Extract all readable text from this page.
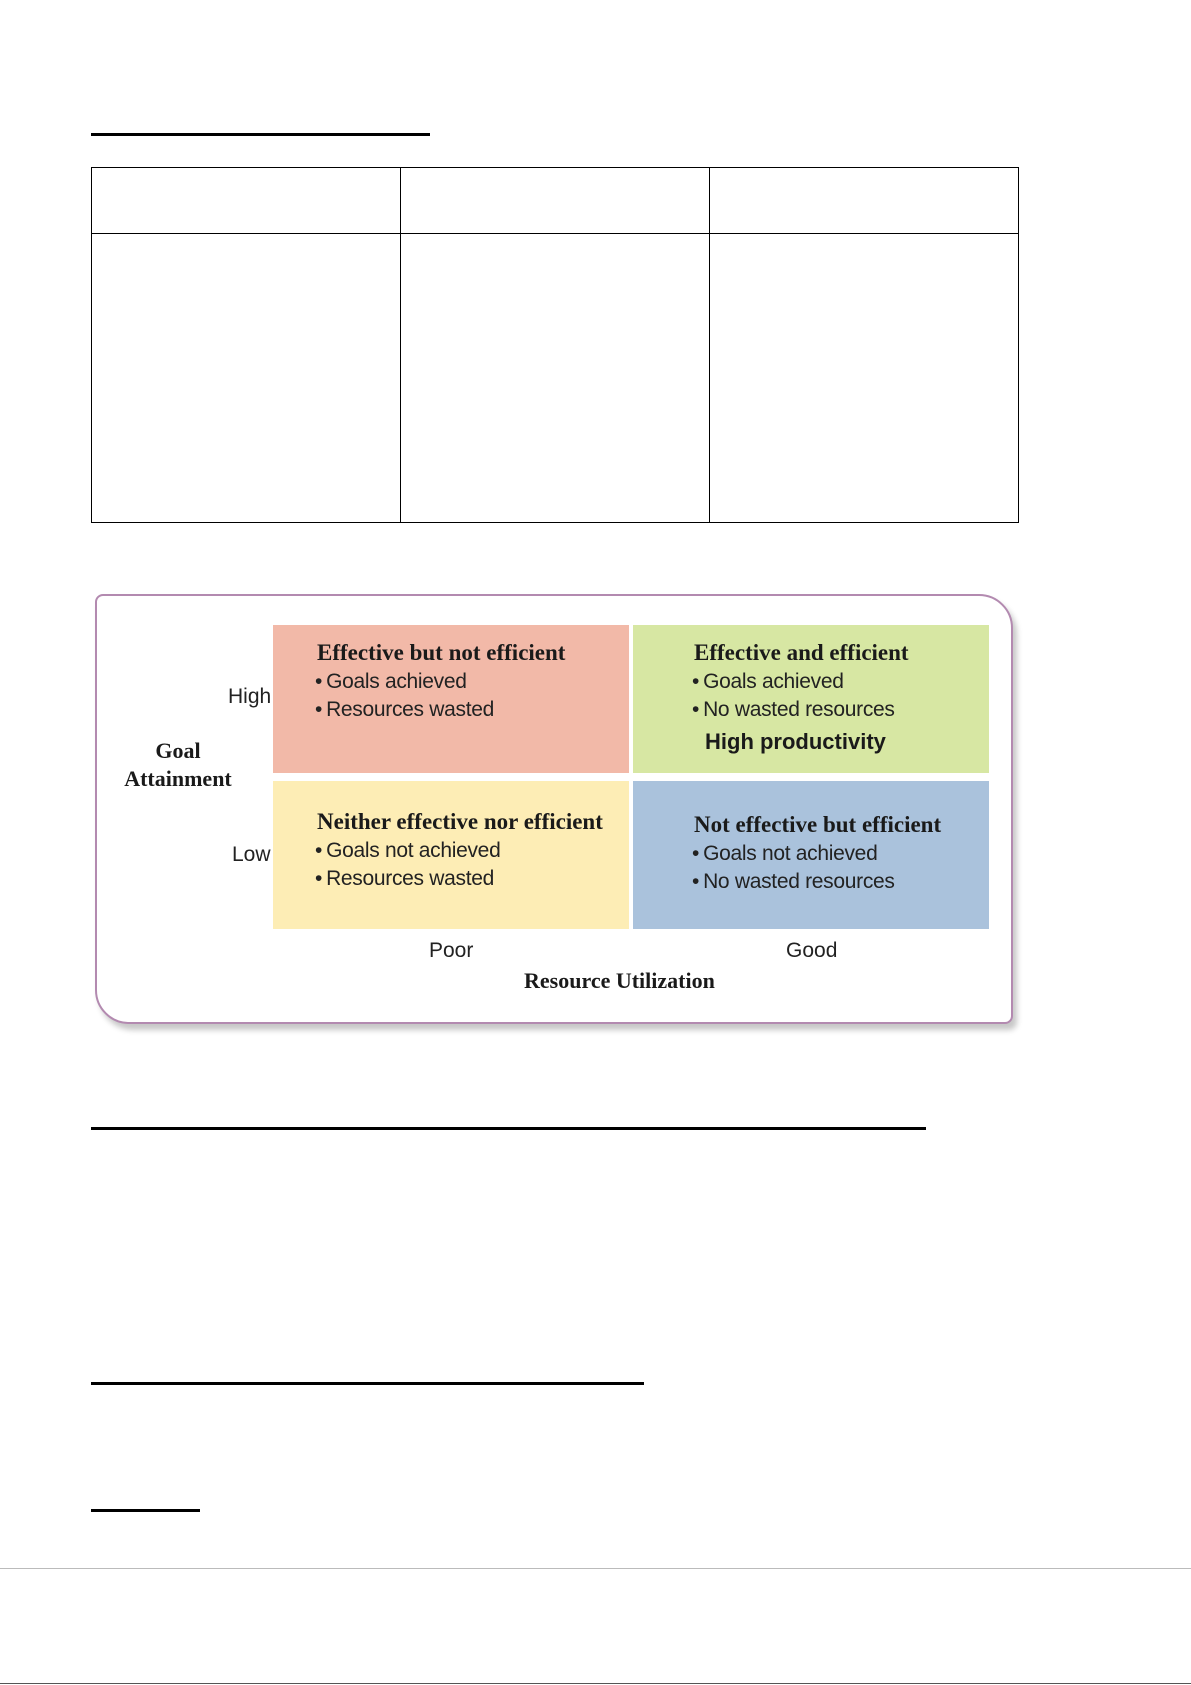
Effective but not efficient
• Goals achieved
• Resources wasted
Effective and efficient
• Goals achieved
• No wasted resources
High productivity
Neither effective nor efficient
• Goals not achieved
• Resources wasted
Not effective but efficient
• Goals not achieved
• No wasted resources
High
Low
Goal
Attainment
Poor	Good
Resource Utilization
